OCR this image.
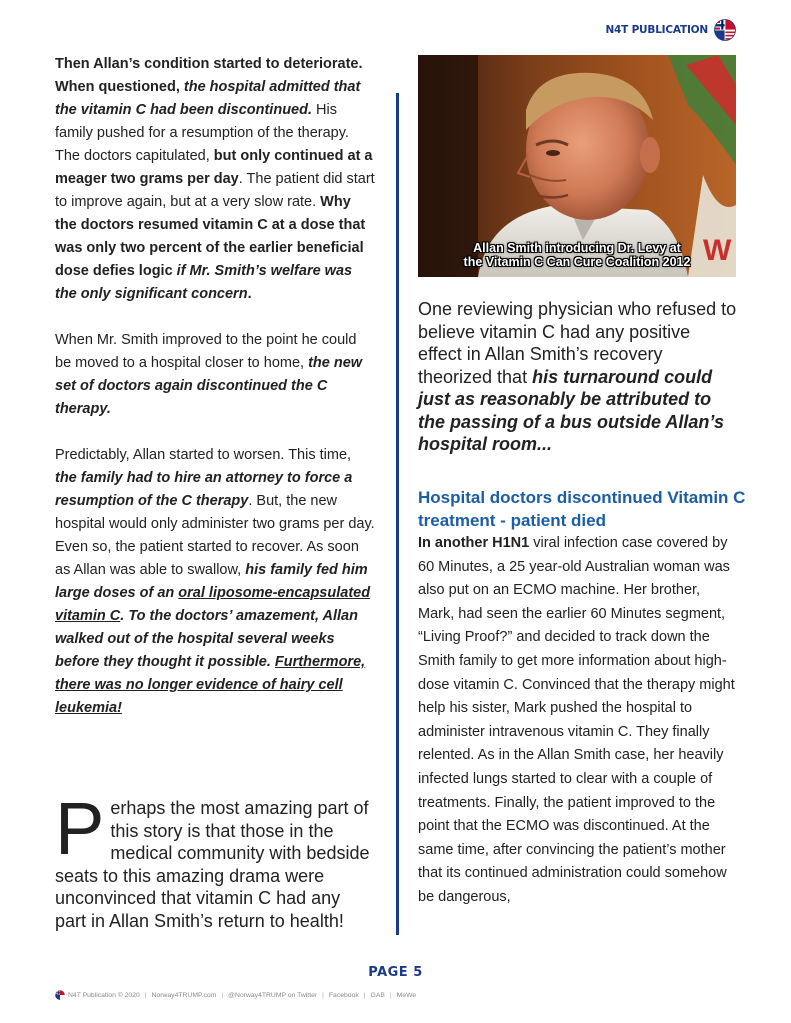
N4T PUBLICATION

Then Allan’s condition started to deteriorate. When questioned, the hospital admitted that the vitamin C had been discontinued. His family pushed for a resumption of the therapy. The doctors capitulated, but only continued at a meager two grams per day. The patient did start to improve again, but at a very slow rate. Why the doctors resumed vitamin C at a dose that was only two percent of the earlier beneficial dose defies logic if Mr. Smith’s welfare was the only significant concern.

When Mr. Smith improved to the point he could be moved to a hospital closer to home, the new set of doctors again discontinued the C therapy.

Predictably, Allan started to worsen. This time, the family had to hire an attorney to force a resumption of the C therapy. But, the new hospital would only administer two grams per day. Even so, the patient started to recover. As soon as Allan was able to swallow, his family fed him large doses of an oral liposome-encapsulated vitamin C. To the doctors’ amazement, Allan walked out of the hospital several weeks before they thought it possible. Furthermore, there was no longer evidence of hairy cell leukemia!

Perhaps the most amazing part of this story is that those in the medical community with bedside seats to this amazing drama were unconvinced that vitamin C had any part in Allan Smith’s return to health!
W
Allan Smith introducing Dr. Levy at
the Vitamin C Can Cure Coalition 2012
One reviewing physician who refused to believe vitamin C had any positive effect in Allan Smith’s recovery theorized that his turnaround could just as reasonably be attributed to the passing of a bus outside Allan’s hospital room...
Hospital doctors discontinued Vitamin C treatment - patient died
In another H1N1 viral infection case covered by 60 Minutes, a 25 year-old Australian woman was also put on an ECMO machine. Her brother, Mark, had seen the earlier 60 Minutes segment, “Living Proof?” and decided to track down the Smith family to get more information about high-dose vitamin C. Convinced that the therapy might help his sister, Mark pushed the hospital to administer intravenous vitamin C. They finally relented. As in the Allan Smith case, her heavily infected lungs started to clear with a couple of treatments. Finally, the patient improved to the point that the ECMO was discontinued. At the same time, after convincing the patient’s mother that its continued administration could somehow be dangerous,
PAGE 5
N4T Publication © 2020 | Norway4TRUMP.com | @Norway4TRUMP on Twitter | Facebook | GAB | MeWe
